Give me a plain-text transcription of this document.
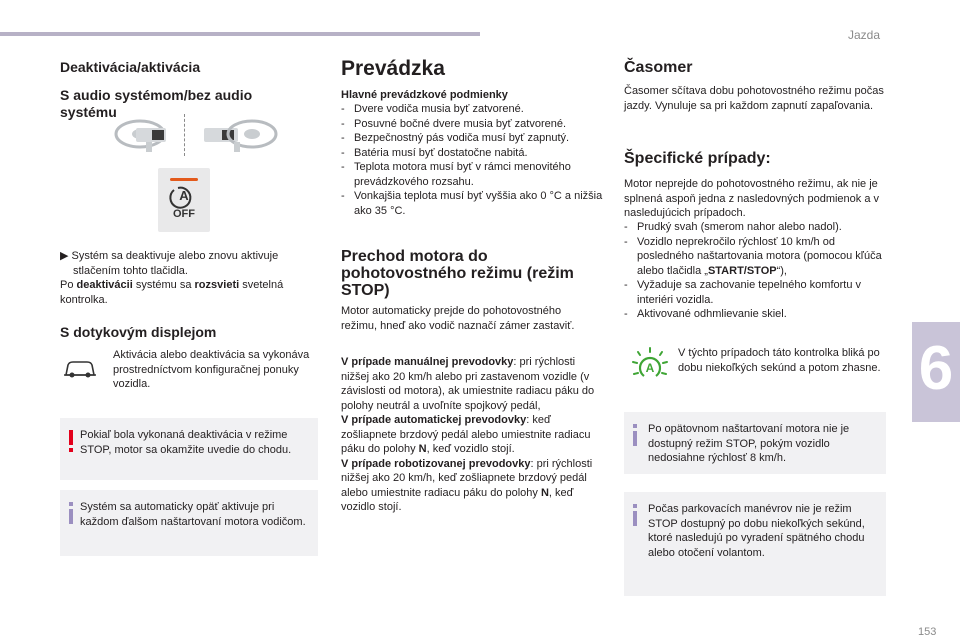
Jazda
6
153
Deaktivácia/aktivácia
S audio systémom/bez audio systému
A
OFF

▶︎ Systém sa deaktivuje alebo znovu aktivuje
stlačením tohto tlačidla.
Po deaktivácii systému sa rozsvieti svetelná
kontrolka.

S dotykovým displejom

Aktivácia alebo deaktivácia sa vykonáva prostredníctvom konfiguračnej ponuky vozidla.

Pokiaľ bola vykonaná deaktivácia v režime STOP, motor sa okamžite uvedie do chodu.
Systém sa automaticky opäť aktivuje pri každom ďalšom naštartovaní motora vodičom.
Prevádzka
Hlavné prevádzkové podmienky
- Dvere vodiča musia byť zatvorené.
- Posuvné bočné dvere musia byť zatvorené.
- Bezpečnostný pás vodiča musí byť zapnutý.
- Batéria musí byť dostatočne nabitá.
- Teplota motora musí byť v rámci menovitého prevádzkového rozsahu.
- Vonkajšia teplota musí byť vyššia ako 0 °C a nižšia ako 35 °C.
Prechod motora do pohotovostného režimu (režim STOP)

Motor automaticky prejde do pohotovostného režimu, hneď ako vodič naznačí zámer zastaviť.

V prípade manuálnej prevodovky: pri rýchlosti nižšej ako 20 km/h alebo pri zastavenom vozidle (v závislosti od motora), ak umiestnite radiacu páku do polohy neutrál a uvoľníte spojkový pedál,
V prípade automatickej prevodovky: keď zošliapnete brzdový pedál alebo umiestnite radiacu páku do polohy N, keď vozidlo stojí.
V prípade robotizovanej prevodovky: pri rýchlosti nižšej ako 20 km/h, keď zošliapnete brzdový pedál alebo umiestnite radiacu páku do polohy N, keď vozidlo stojí.

Časomer

Časomer sčítava dobu pohotovostného režimu počas jazdy. Vynuluje sa pri každom zapnutí zapaľovania.

Špecifické prípady:

Motor neprejde do pohotovostného režimu, ak nie je splnená aspoň jedna z nasledovných podmienok a v nasledujúcich prípadoch.

- Prudký svah (smerom nahor alebo nadol).
- Vozidlo neprekročilo rýchlosť 10 km/h od posledného naštartovania motora (pomocou kľúča alebo tlačidla „START/STOP“),
- Vyžaduje sa zachovanie tepelného komfortu v interiéri vozidla.
- Aktivované odhmlievanie skiel.
A

V týchto prípadoch táto kontrolka bliká po dobu niekoľkých sekúnd a potom zhasne.

Po opätovnom naštartovaní motora nie je dostupný režim STOP, pokým vozidlo nedosiahne rýchlosť 8 km/h.
Počas parkovacích manévrov nie je režim STOP dostupný po dobu niekoľkých sekúnd, ktoré nasledujú po vyradení spätného chodu alebo otočení volantom.
